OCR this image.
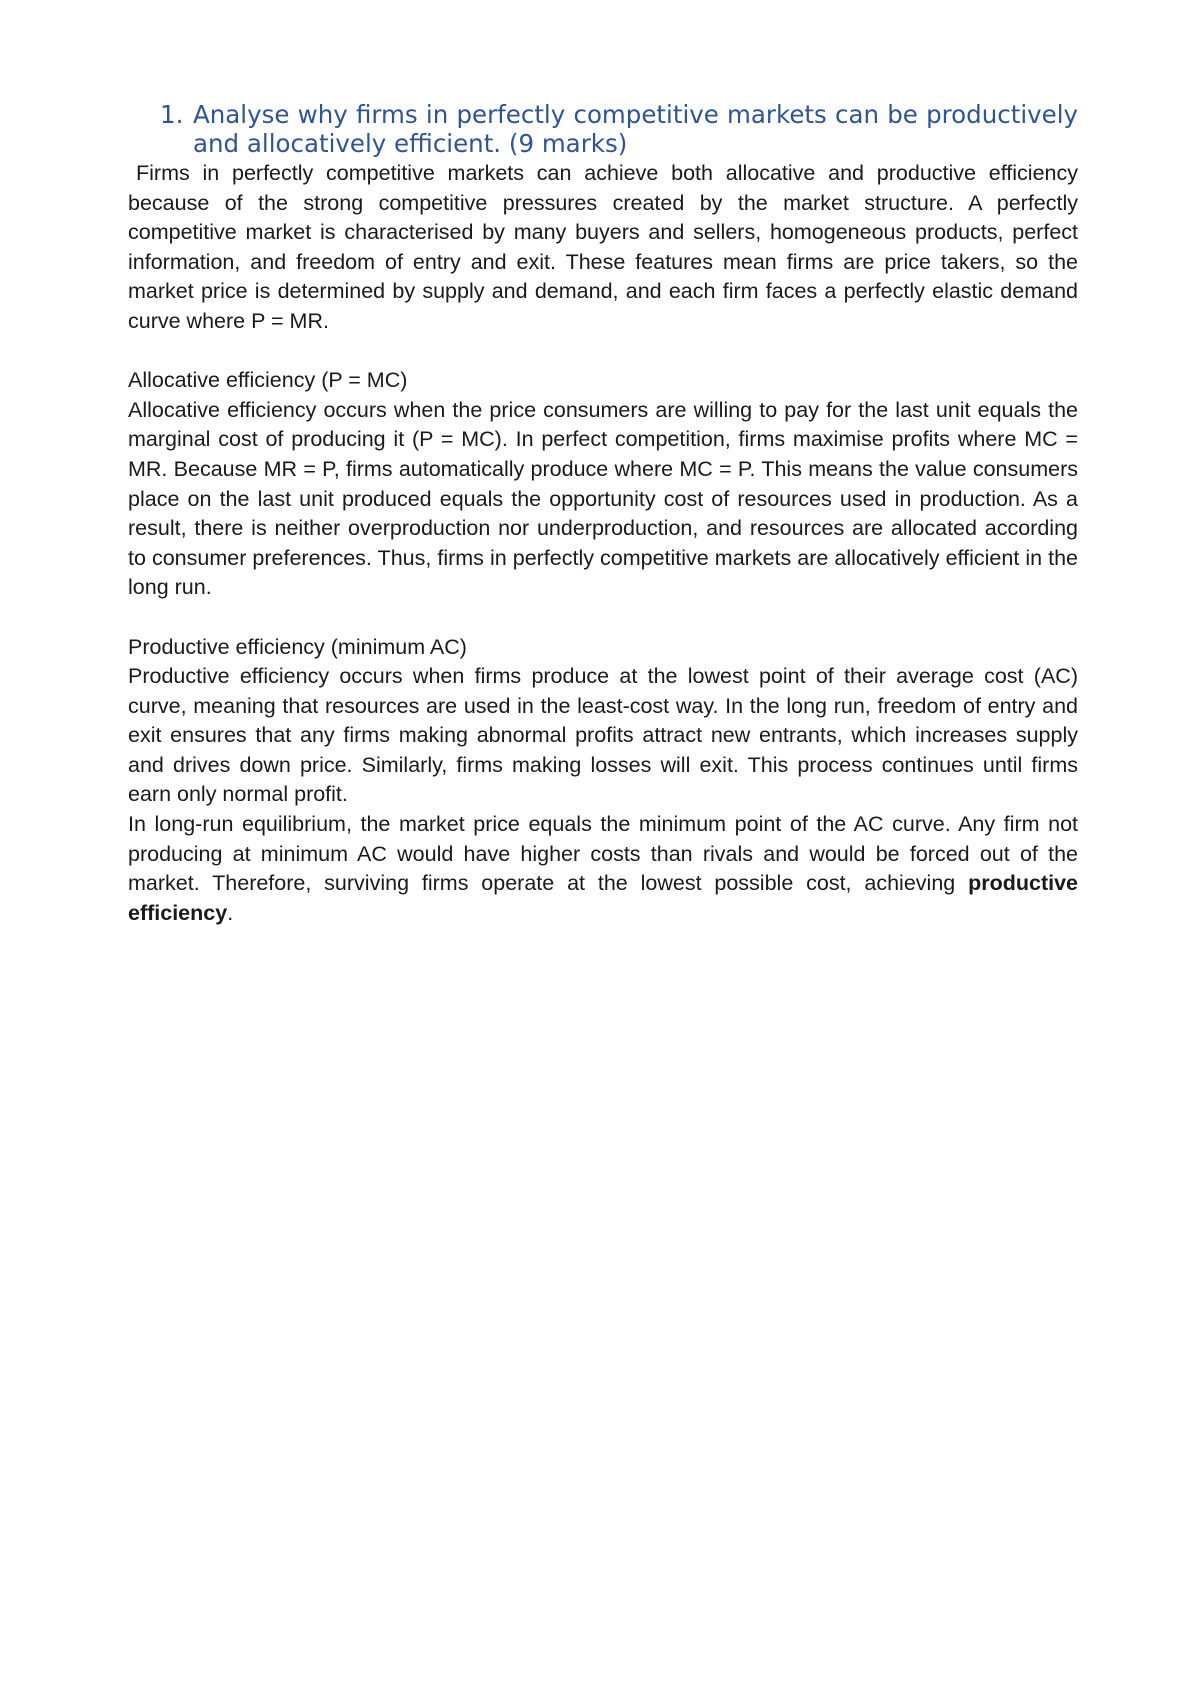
1. Analyse why firms in perfectly competitive markets can be productively and allocatively efficient. (9 marks)

Firms in perfectly competitive markets can achieve both allocative and productive efficiency because of the strong competitive pressures created by the market structure. A perfectly competitive market is characterised by many buyers and sellers, homogeneous products, perfect information, and freedom of entry and exit. These features mean firms are price takers, so the market price is determined by supply and demand, and each firm faces a perfectly elastic demand curve where P = MR.

Allocative efficiency (P = MC)

Allocative efficiency occurs when the price consumers are willing to pay for the last unit equals the marginal cost of producing it (P = MC). In perfect competition, firms maximise profits where MC = MR. Because MR = P, firms automatically produce where MC = P. This means the value consumers place on the last unit produced equals the opportunity cost of resources used in production. As a result, there is neither overproduction nor underproduction, and resources are allocated according to consumer preferences. Thus, firms in perfectly competitive markets are allocatively efficient in the long run.

Productive efficiency (minimum AC)

Productive efficiency occurs when firms produce at the lowest point of their average cost (AC) curve, meaning that resources are used in the least-cost way. In the long run, freedom of entry and exit ensures that any firms making abnormal profits attract new entrants, which increases supply and drives down price. Similarly, firms making losses will exit. This process continues until firms earn only normal profit.

In long-run equilibrium, the market price equals the minimum point of the AC curve. Any firm not producing at minimum AC would have higher costs than rivals and would be forced out of the market. Therefore, surviving firms operate at the lowest possible cost, achieving productive efficiency.
